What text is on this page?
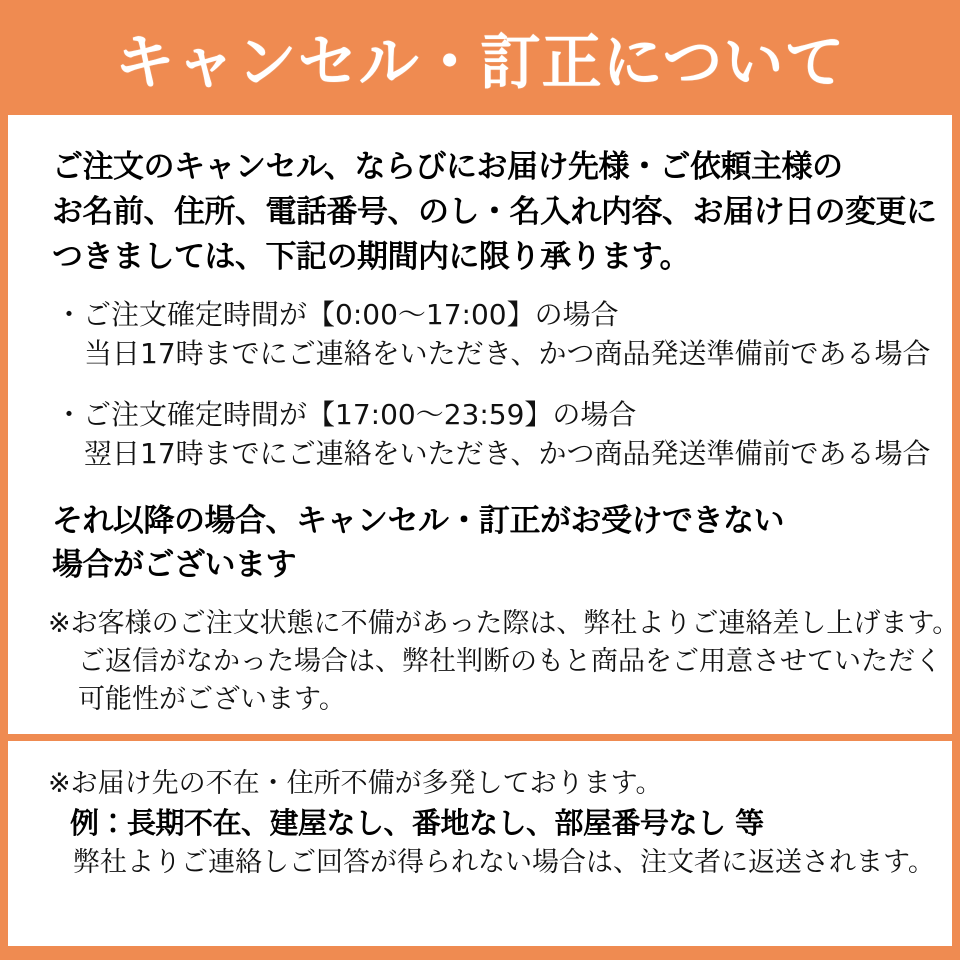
キャンセル・訂正について
ご注文のキャンセル、ならびにお届け先様・ご依頼主様の
お名前、住所、電話番号、のし・名入れ内容、お届け日の変更に
つきましては、下記の期間内に限り承ります。
・ご注文確定時間が【0:00～17:00】の場合
当日17時までにご連絡をいただき、かつ商品発送準備前である場合
・ご注文確定時間が【17:00～23:59】の場合
翌日17時までにご連絡をいただき、かつ商品発送準備前である場合
それ以降の場合、キャンセル・訂正がお受けできない
場合がございます
※お客様のご注文状態に不備があった際は、弊社よりご連絡差し上げます。
ご返信がなかった場合は、弊社判断のもと商品をご用意させていただく
可能性がございます。
※お届け先の不在・住所不備が多発しております。
例：長期不在、建屋なし、番地なし、部屋番号なし 等
弊社よりご連絡しご回答が得られない場合は、注文者に返送されます。
